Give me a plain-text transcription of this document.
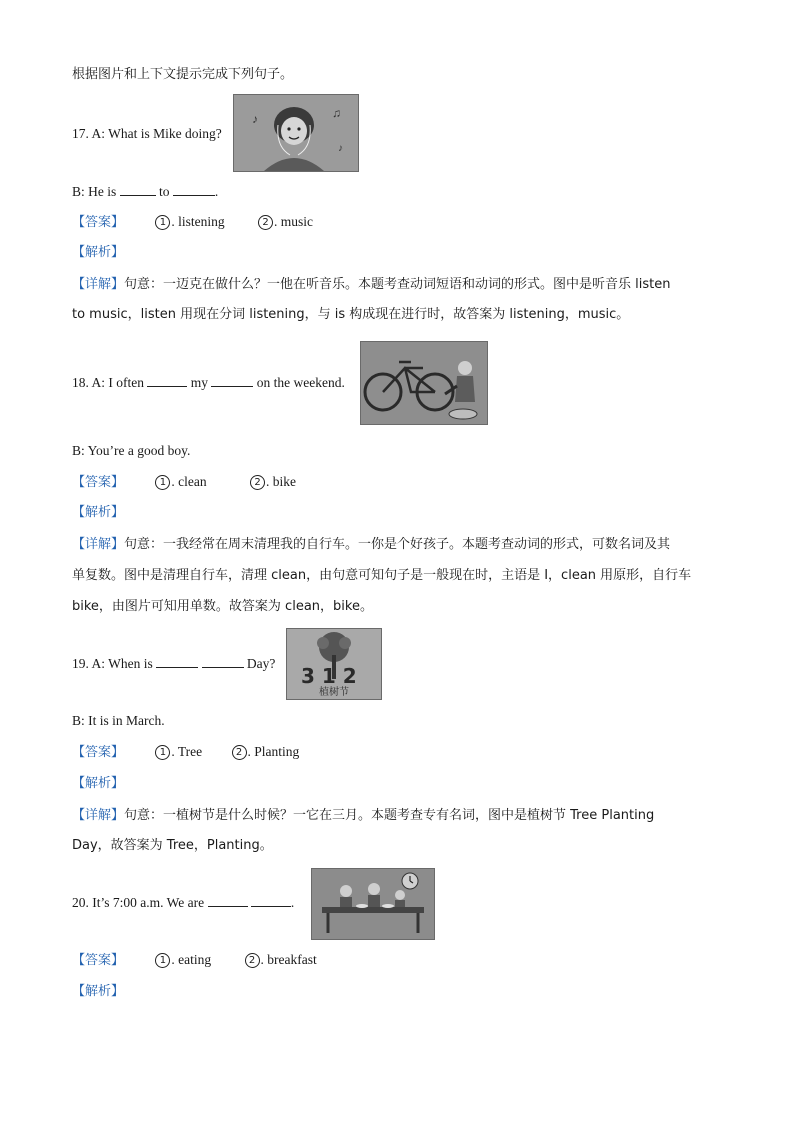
根据图片和上下文提示完成下列句子。
17. A: What is Mike doing?
♪	♫
♪
B: He is	to	.
【答案】	1 . listening	2 . music
【解析】
【详解】句意：一迈克在做什么？一他在听音乐。本题考查动词短语和动词的形式。图中是听音乐 listen
to music，listen 用现在分词 listening，与 is 构成现在进行时，故答案为 listening，music。
18. A: I often	my	on the weekend.
B: You’re a good boy.
【答案】	1 . clean	2 . bike
【解析】
【详解】句意：一我经常在周末清理我的自行车。一你是个好孩子。本题考查动词的形式，可数名词及其
单复数。图中是清理自行车，清理 clean，由句意可知句子是一般现在时，主语是 I，clean 用原形，自行车
bike，由图片可知用单数。故答案为 clean，bike。
3 1 2
植树节
19. A: When is	Day?
B: It is in March.
【答案】	1 . Tree	2 . Planting
【解析】
【详解】句意：一植树节是什么时候？一它在三月。本题考查专有名词，图中是植树节 Tree Planting
Day，故答案为 Tree，Planting。
20. It’s 7:00 a.m. We are	.
【答案】	1 . eating	2 . breakfast
【解析】
